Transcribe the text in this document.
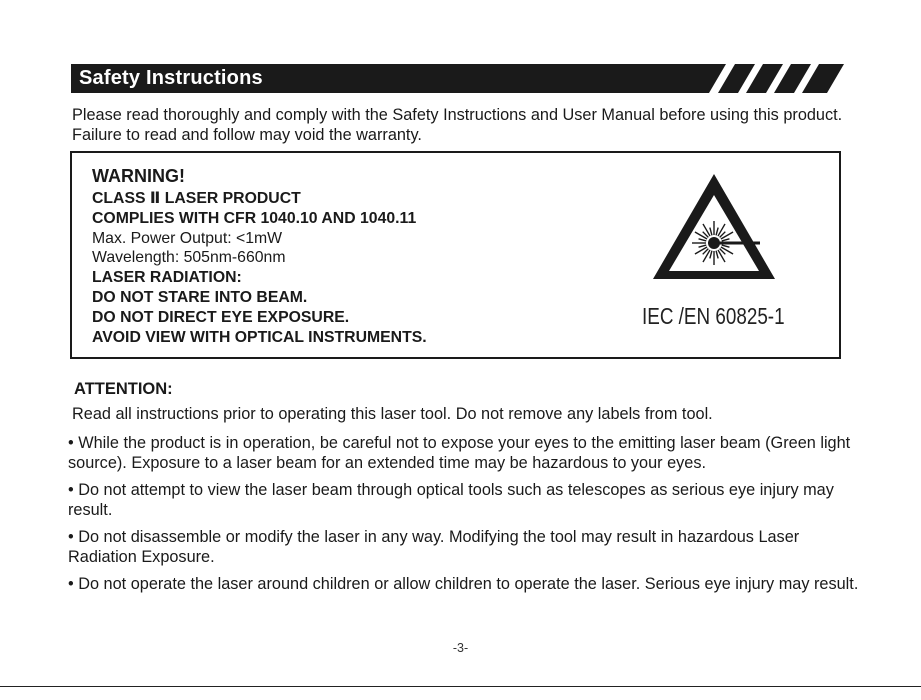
Safety Instructions
Please read thoroughly and comply with the Safety Instructions and User Manual before using this product. Failure to read and follow may void the warranty.
WARNING!
CLASS Ⅱ LASER PRODUCT
COMPLIES WITH CFR 1040.10 AND 1040.11
Max. Power Output: <1mW
Wavelength: 505nm-660nm
LASER RADIATION:
DO NOT STARE INTO BEAM.
DO NOT DIRECT EYE EXPOSURE.
AVOID VIEW WITH OPTICAL INSTRUMENTS.
IEC /EN 60825-1
ATTENTION:
Read all instructions prior to operating this laser tool. Do not remove any labels from tool.
• While the product is in operation, be careful not to expose your eyes to the emitting laser beam (Green light source). Exposure to a laser beam for an extended time may be hazardous to your eyes.
• Do not attempt to view the laser beam through optical tools such as telescopes as serious eye injury may result.
• Do not disassemble or modify the laser in any way. Modifying the tool may result in hazardous Laser Radiation Exposure.
• Do not operate the laser around children or allow children to operate the laser. Serious eye injury may result.
-3-
